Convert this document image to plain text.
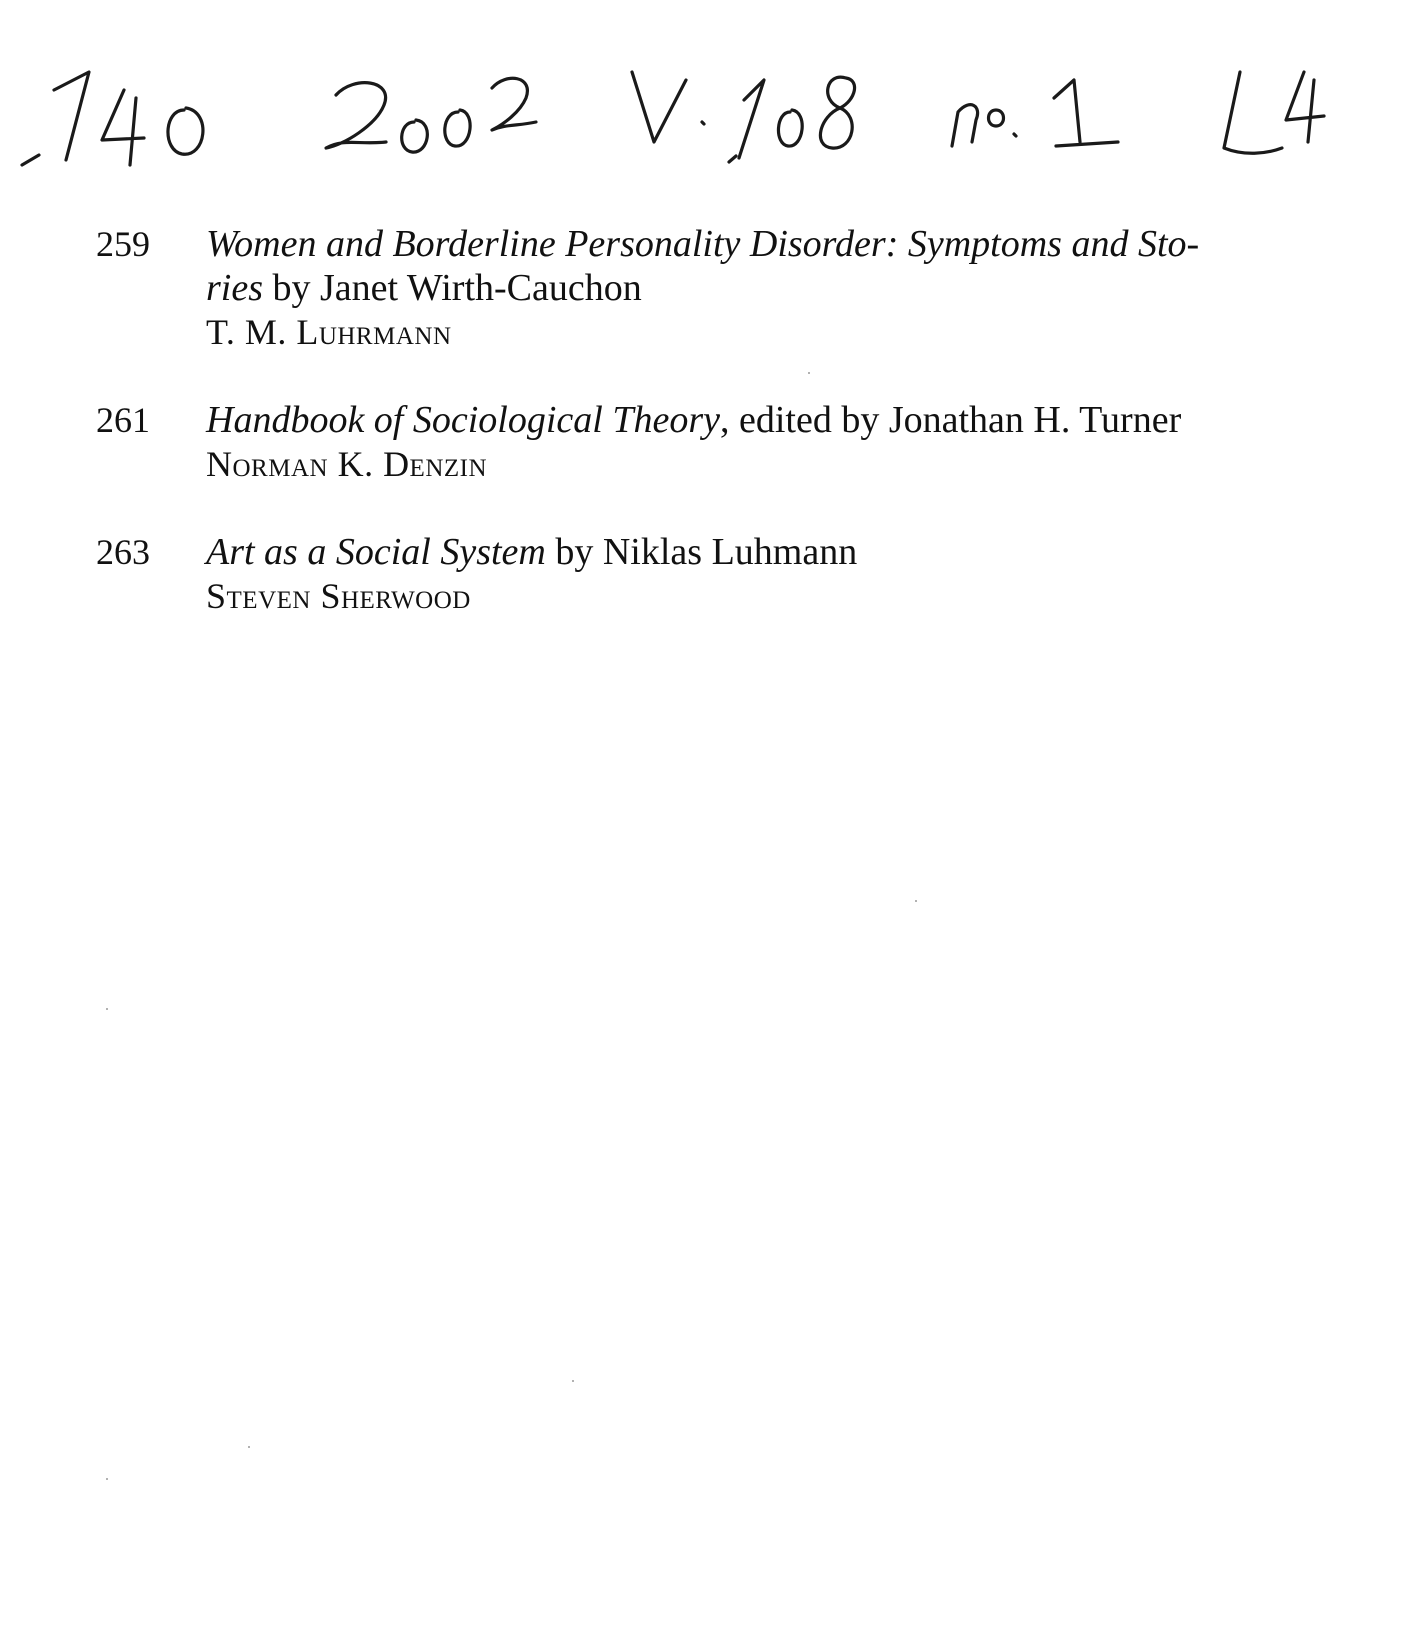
259	Women and Borderline Personality Disorder: Symptoms and Sto-
ries by Janet Wirth-Cauchon
T. M. Luhrmann
261	Handbook of Sociological Theory, edited by Jonathan H. Turner
Norman K. Denzin
263	Art as a Social System by Niklas Luhmann
Steven Sherwood
